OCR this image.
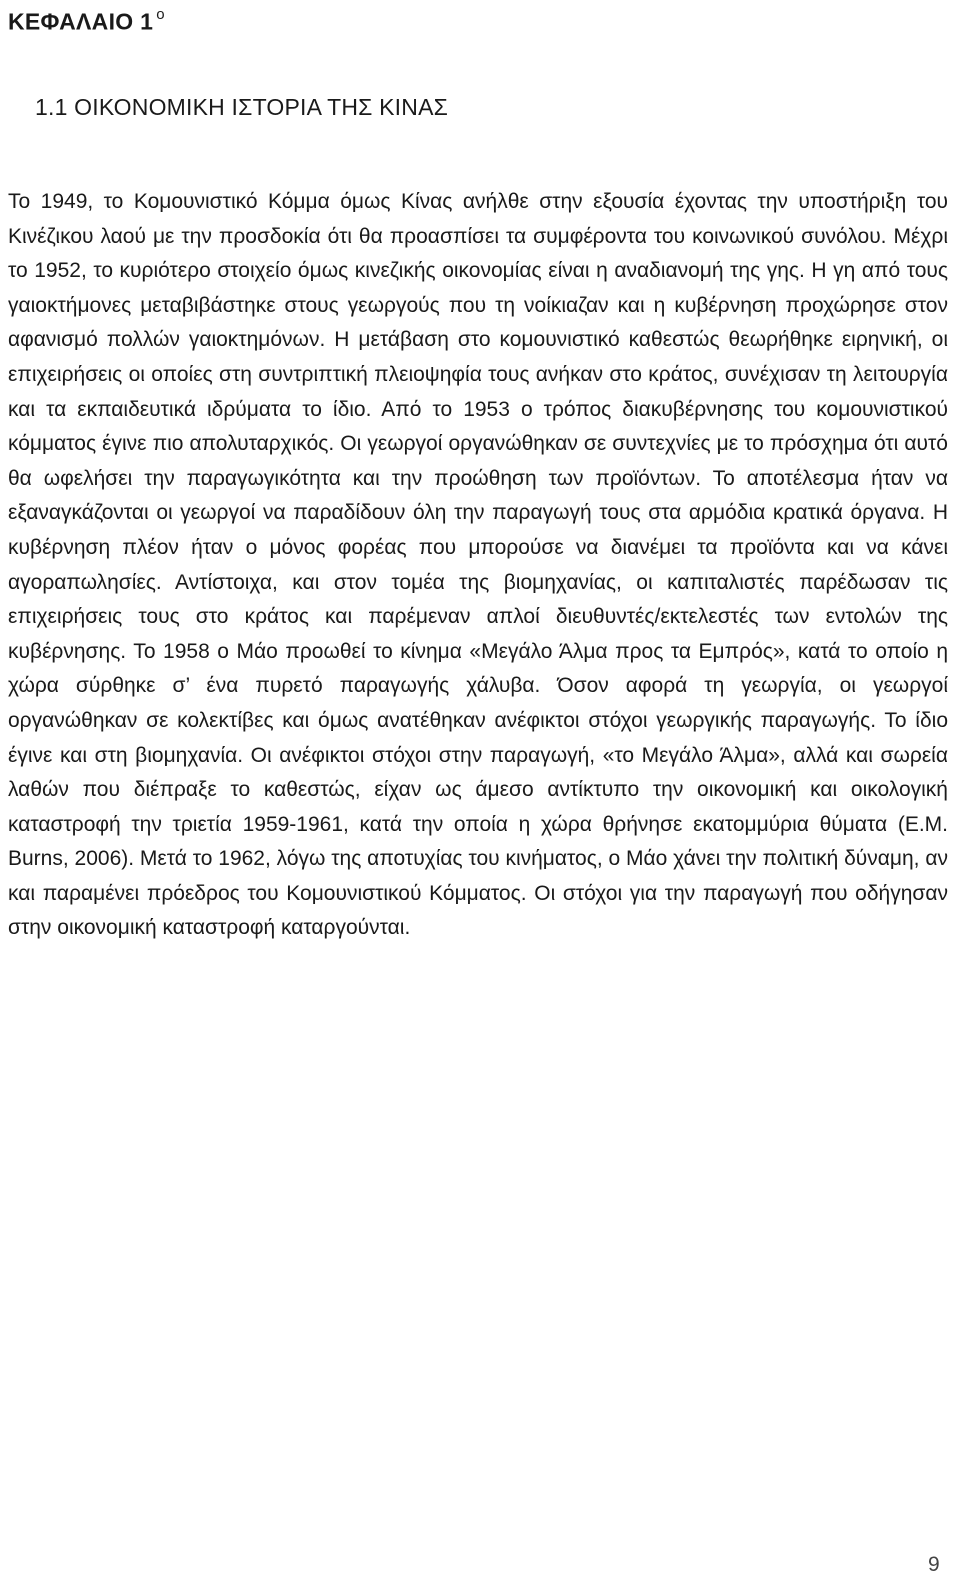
ΚΕΦΑΛΑΙΟ 1 $^o$
1.1 ΟΙΚΟΝΟΜΙΚΗ ΙΣΤΟΡΙΑ ΤΗΣ ΚΙΝΑΣ

Το 1949, το Κομουνιστικό Κόμμα όμως Κίνας ανήλθε στην εξουσία έχοντας την υποστήριξη του Κινέζικου λαού με την προσδοκία ότι θα προασπίσει τα συμφέροντα του κοινωνικού συνόλου. Μέχρι το 1952, το κυριότερο στοιχείο όμως κινεζικής οικονομίας είναι η αναδιανομή της γης. Η γη από τους γαιοκτήμονες μεταβιβάστηκε στους γεωργούς που τη νοίκιαζαν και η κυβέρνηση προχώρησε στον αφανισμό πολλών γαιοκτημόνων. Η μετάβαση στο κομουνιστικό καθεστώς θεωρήθηκε ειρηνική, οι επιχειρήσεις οι οποίες στη συντριπτική πλειοψηφία τους ανήκαν στο κράτος, συνέχισαν τη λειτουργία και τα εκπαιδευτικά ιδρύματα το ίδιο. Από το 1953 ο τρόπος διακυβέρνησης του κομουνιστικού κόμματος έγινε πιο απολυταρχικός. Οι γεωργοί οργανώθηκαν σε συντεχνίες με το πρόσχημα ότι αυτό θα ωφελήσει την παραγωγικότητα και την προώθηση των προϊόντων. Το αποτέλεσμα ήταν να εξαναγκάζονται οι γεωργοί να παραδίδουν όλη την παραγωγή τους στα αρμόδια κρατικά όργανα. Η κυβέρνηση πλέον ήταν ο μόνος φορέας που μπορούσε να διανέμει τα προϊόντα και να κάνει αγοραπωλησίες. Αντίστοιχα, και στον τομέα της βιομηχανίας, οι καπιταλιστές παρέδωσαν τις επιχειρήσεις τους στο κράτος και παρέμεναν απλοί διευθυντές/εκτελεστές των εντολών της κυβέρνησης. Το 1958 ο Μάο προωθεί το κίνημα «Μεγάλο Άλμα προς τα Εμπρός», κατά το οποίο η χώρα σύρθηκε σ’ ένα πυρετό παραγωγής χάλυβα. Όσον αφορά τη γεωργία, οι γεωργοί οργανώθηκαν σε κολεκτίβες και όμως ανατέθηκαν ανέφικτοι στόχοι γεωργικής παραγωγής. Το ίδιο έγινε και στη βιομηχανία. Οι ανέφικτοι στόχοι στην παραγωγή, «το Μεγάλο Άλμα», αλλά και σωρεία λαθών που διέπραξε το καθεστώς, είχαν ως άμεσο αντίκτυπο την οικονομική και οικολογική καταστροφή την τριετία 1959-1961, κατά την οποία η χώρα θρήνησε εκατομμύρια θύματα (E.M. Burns, 2006). Μετά το 1962, λόγω της αποτυχίας του κινήματος, ο Μάο χάνει την πολιτική δύναμη, αν και παραμένει πρόεδρος του Κομουνιστικού Κόμματος. Οι στόχοι για την παραγωγή που οδήγησαν στην οικονομική καταστροφή καταργούνται.

9
